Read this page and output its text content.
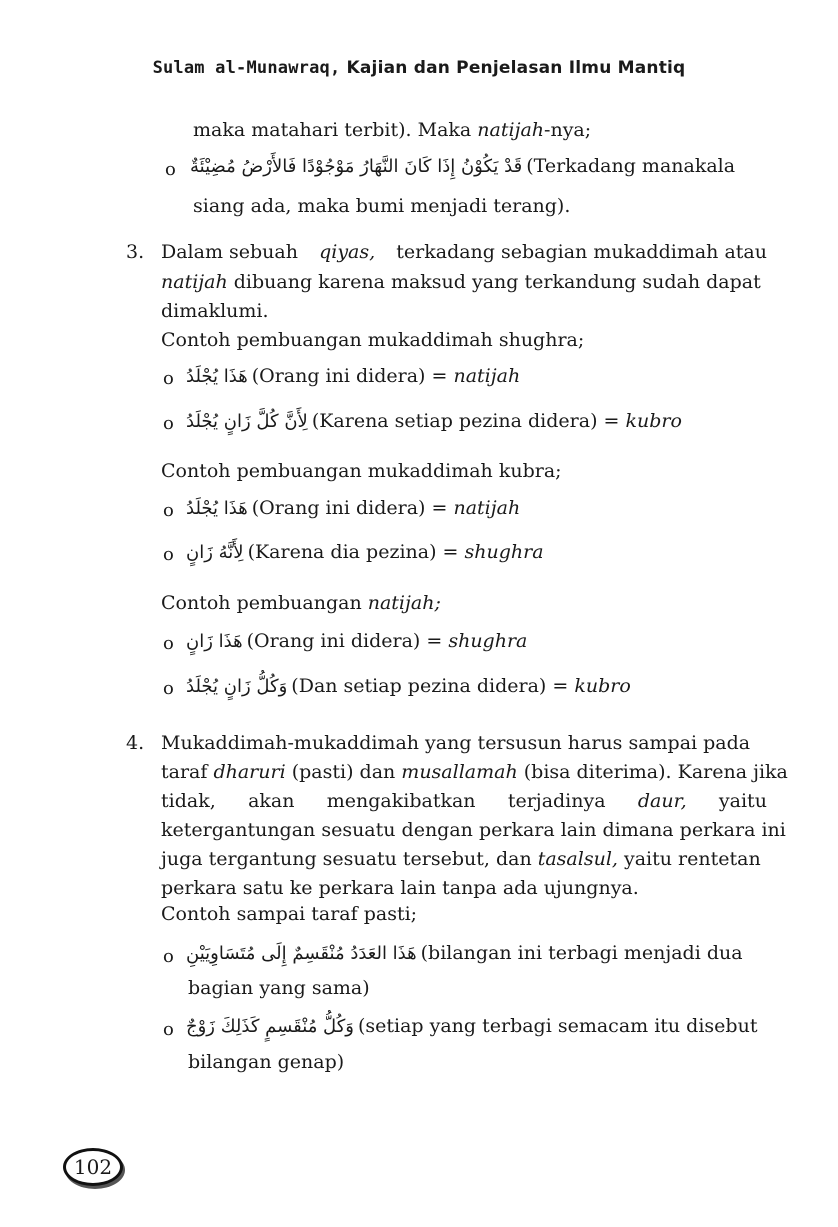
Sulam al-Munawraq, Kajian dan Penjelasan Ilmu Mantiq
maka matahari terbit). Maka natijah-nya;
o قَدْ يَكُوْنُ إِذَا كَانَ النَّهَارُ مَوْجُوْدًا فَالأَرْضُ مُضِيْئَةٌ (Terkadang manakala
siang ada, maka bumi menjadi terang).
3. Dalam sebuah qiyas, terkadang sebagian mukaddimah atau
natijah dibuang karena maksud yang terkandung sudah dapat
dimaklumi.
Contoh pembuangan mukaddimah shughra;
o هَذَا يُجْلَدُ (Orang ini didera) = natijah
o لِأَنَّ كُلَّ زَانٍ يُجْلَدُ (Karena setiap pezina didera) = kubro
Contoh pembuangan mukaddimah kubra;
o هَذَا يُجْلَدُ (Orang ini didera) = natijah
o لِأَنَّهُ زَانٍ (Karena dia pezina) = shughra
Contoh pembuangan natijah;
o هَذَا زَانٍ (Orang ini didera) = shughra
o وَكُلُّ زَانٍ يُجْلَدُ (Dan setiap pezina didera) = kubro
4. Mukaddimah-mukaddimah yang tersusun harus sampai pada
taraf dharuri (pasti) dan musallamah (bisa diterima). Karena jika
tidak, akan mengakibatkan terjadinya daur, yaitu
ketergantungan sesuatu dengan perkara lain dimana perkara ini
juga tergantung sesuatu tersebut, dan tasalsul, yaitu rentetan
perkara satu ke perkara lain tanpa ada ujungnya.
Contoh sampai taraf pasti;
o هَذَا العَدَدُ مُنْقَسِمٌ إِلَى مُتَسَاوِيَيْنِ (bilangan ini terbagi menjadi dua
bagian yang sama)
o وَكُلُّ مُنْقَسِمٍ كَذَلِكَ زَوْجٌ (setiap yang terbagi semacam itu disebut
bilangan genap)
102
